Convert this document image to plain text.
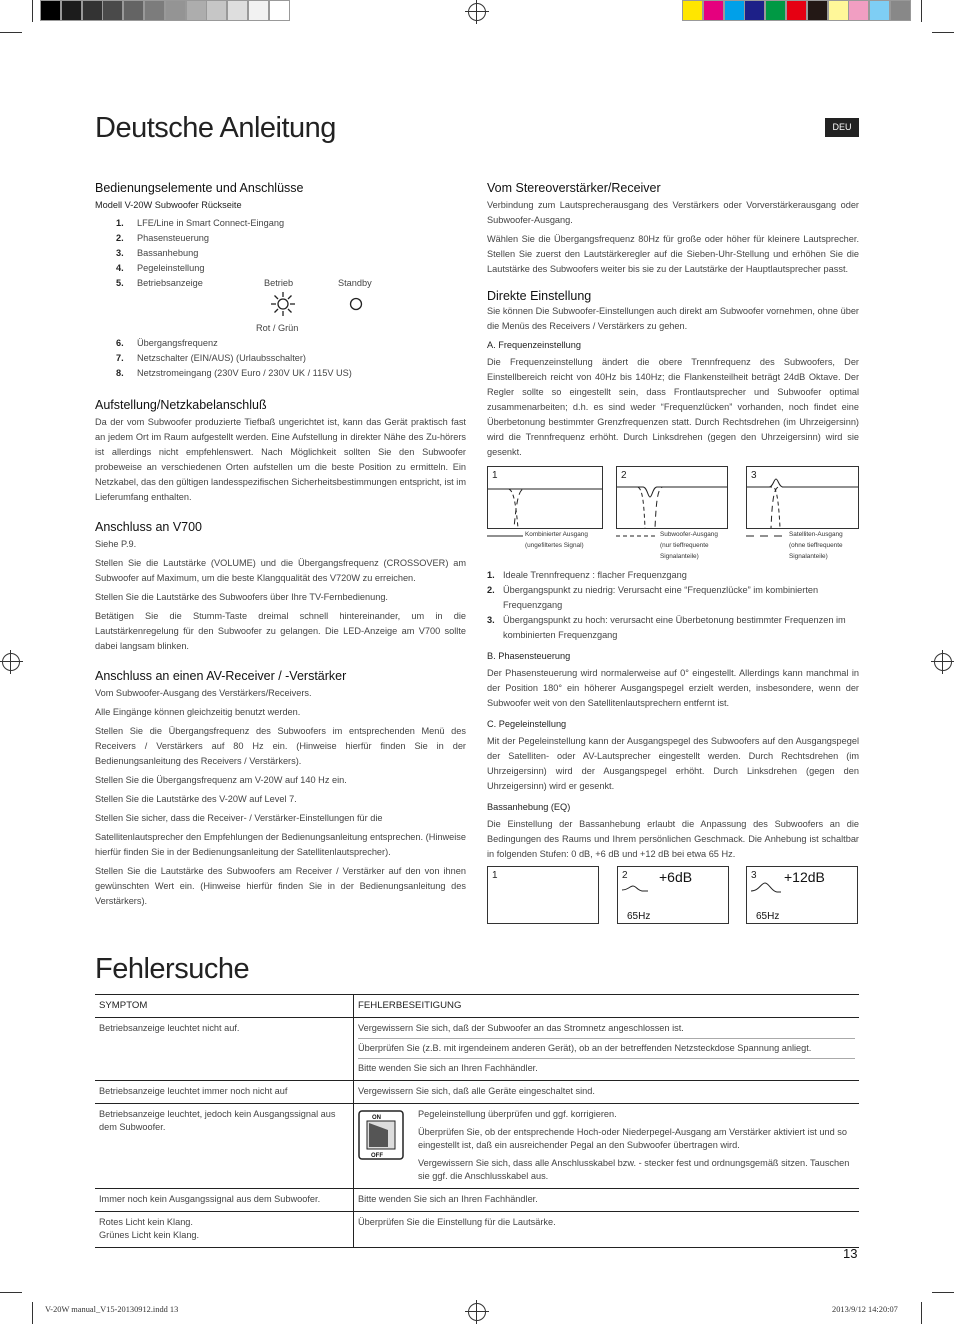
Deutsche Anleitung	DEU
Bedienungselemente und Anschlüsse
Modell V-20W Subwoofer Rückseite
1. LFE/Line in Smart Connect-Eingang
2. Phasensteuerung
3. Bassanhebung
4. Pegeleinstellung
5. Betriebsanzeige	Betrieb	Standby
Rot / Grün
6. Übergangsfrequenz
7. Netzschalter (EIN/AUS) (Urlaubsschalter)
8. Netzstromeingang (230V Euro / 230V UK / 115V US)
Aufstellung/Netzkabelanschluß

Da der vom Subwoofer produzierte Tiefbaß ungerichtet ist, kann das Gerät praktisch fast an jedem Ort im Raum aufgestellt werden. Eine Aufstellung in direkter Nähe des Zu-hörers ist allerdings nicht empfehlenswert. Nach Möglichkeit sollten Sie den Subwoofer probeweise an verschiedenen Orten aufstellen um die beste Position zu ermitteln. Ein Netzkabel, das den gültigen landesspezifischen Sicherheitsbestimmungen entspricht, ist im Lieferumfang enthalten.

Anschluss an V700

Siehe P.9.

Stellen Sie die Lautstärke (VOLUME) und die Übergangsfrequenz (CROSSOVER) am Subwoofer auf Maximum, um die beste Klangqualität des V720W zu erreichen.

Stellen Sie die Lautstärke des Subwoofers über Ihre TV-Fernbedienung.

Betätigen Sie die Stumm-Taste dreimal schnell hintereinander, um in die Lautstärkenregelung für den Subwoofer zu gelangen. Die LED-Anzeige am V700 sollte dabei langsam blinken.

Anschluss an einen AV-Receiver / -Verstärker

Vom Subwoofer-Ausgang des Verstärkers/Receivers.

Alle Eingänge können gleichzeitig benutzt werden.

Stellen Sie die Übergangsfrequenz des Subwoofers im entsprechenden Menü des Receivers / Verstärkers auf 80 Hz ein. (Hinweise hierfür finden Sie in der Bedienungsanleitung des Receivers / Verstärkers).

Stellen Sie die Übergangsfrequenz am V-20W auf 140 Hz ein.

Stellen Sie die Lautstärke des V-20W auf Level 7.

Stellen Sie sicher, dass die Receiver- / Verstärker-Einstellungen für die

Satellitenlautsprecher den Empfehlungen der Bedienungsanleitung entsprechen. (Hinweise hierfür finden Sie in der Bedienungsanleitung der Satellitenlautsprecher).

Stellen Sie die Lautstärke des Subwoofers am Receiver / Verstärker auf den von ihnen gewünschten Wert ein. (Hinweise hierfür finden Sie in der Bedienungsanleitung des Verstärkers).

Vom Stereoverstärker/Receiver

Verbindung zum Lautsprecherausgang des Verstärkers oder Vorverstärkerausgang oder Subwoofer-Ausgang.

Wählen Sie die Übergangsfrequenz 80Hz für große oder höher für kleinere Lautsprecher. Stellen Sie zuerst den Lautstärkeregler auf die Sieben-Uhr-Stellung und erhöhen Sie die Lautstärke des Subwoofers weiter bis sie zu der Lautstärke der Hauptlautsprecher passt.

Direkte Einstellung

Sie können Die Subwoofer-Einstellungen auch direkt am Subwoofer vornehmen, ohne über die Menüs des Receivers / Verstärkers zu gehen.

A. Frequenzeinstellung

Die Frequenzeinstellung ändert die obere Trennfrequenz des Subwoofers, Der Einstellbereich reicht von 40Hz bis 140Hz; die Flankensteilheit beträgt 24dB Oktave. Der Regler sollte so eingestellt sein, dass Frontlautsprecher und Subwoofer optimal zusammenarbeiten; d.h. es sind weder “Frequenzlücken” vorhanden, noch findet eine Überbetonung bestimmter Grenzfrequenzen statt. Durch Rechtsdrehen (im Uhrzeigersinn) wird die Trennfrequenz erhöht. Durch Linksdrehen (gegen den Uhrzeigersinn) wird sie gesenkt.

1	2	3
Kombinierter Ausgang
(ungefiltertes Signal)
Subwoofer-Ausgang
(nur tieffrequente
Signalanteile)
Satelliten-Ausgang
(ohne tieffrequente
Signalanteile)
1. Ideale Trennfrequenz : flacher Frequenzgang
2. Übergangspunkt zu niedrig: Verursacht eine “Frequenzlücke” im kombinierten Frequenzgang
3. Übergangspunkt zu hoch: verursacht eine Überbetonung bestimmter Frequenzen im kombinierten Frequenzgang
B. Phasensteuerung

Der Phasensteuerung wird normalerweise auf 0° eingestellt. Allerdings kann manchmal in der Position 180° ein höherer Ausgangspegel erzielt werden, insbesondere, wenn der Subwoofer weit von den Satellitenlautsprechern entfernt ist.

C. Pegeleinstellung

Mit der Pegeleinstellung kann der Ausgangspegel des Subwoofers auf den Ausgangspegel der Satelliten- oder AV-Lautsprecher eingestellt werden. Durch Rechtsdrehen (im Uhrzeigersinn) wird der Ausgangspegel erhöht. Durch Linksdrehen (gegen den Uhrzeigersinn) wird er gesenkt.

Bassanhebung (EQ)

Die Einstellung der Bassanhebung erlaubt die Anpassung des Subwoofers an die Bedingungen des Raums und Ihrem persönlichen Geschmack. Die Anhebung ist schaltbar in folgenden Stufen: 0 dB, +6 dB und +12 dB bei etwa 65 Hz.

1	2 +6dB
65Hz
3 +12dB
65Hz
Fehlersuche
SYMPTOM	FEHLERBESEITIGUNG

Betriebsanzeige leuchtet nicht auf.	Vergewissern Sie sich, daß der Subwoofer an das Stromnetz angeschlossen ist.
Überprüfen Sie (z.B. mit irgendeinem anderen Gerät), ob an der betreffenden Netzsteckdose Spannung anliegt.
Bitte wenden Sie sich an Ihren Fachhändler.

Betriebsanzeige leuchtet immer noch nicht auf	Vergewissern Sie sich, daß alle Geräte eingeschaltet sind.

Betriebsanzeige leuchtet, jedoch kein Ausgangssignal aus dem Subwoofer.	ON
OFF
Pegeleinstellung überprüfen und ggf. korrigieren.
Überprüfen Sie, ob der entsprechende Hoch-oder Niederpegel-Ausgang am Verstärker aktiviert ist und so eingestellt ist, daß ein ausreichender Pegal an den Subwoofer übertragen wird.
Vergewissern Sie sich, dass alle Anschlusskabel bzw. - stecker fest und ordnungsgemäß sitzen. Tauschen sie ggf. die Anschlusskabel aus.

Immer noch kein Ausgangssignal aus dem Subwoofer.	Bitte wenden Sie sich an Ihren Fachhändler.

Rotes Licht kein Klang.
Grünes Licht kein Klang.	Überprüfen Sie die Einstellung für die Lautsärke.
13
V-20W manual_V15-20130912.indd 13	2013/9/12 14:20:07
